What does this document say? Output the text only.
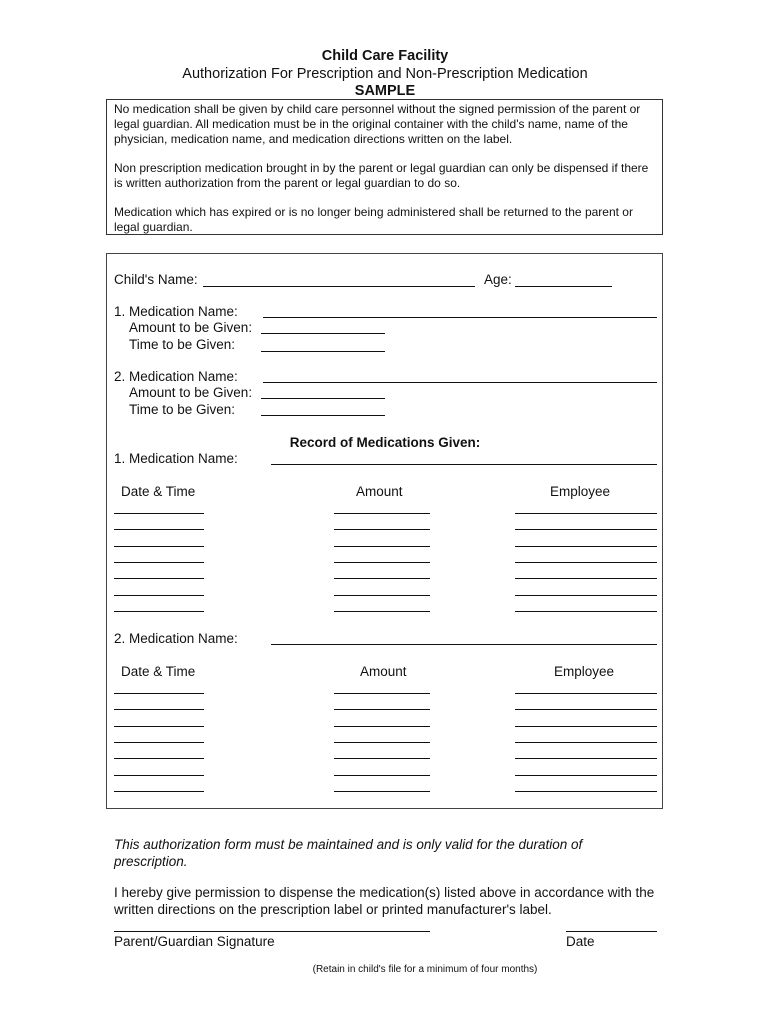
Child Care Facility
Authorization For Prescription and Non-Prescription Medication
SAMPLE

No medication shall be given by child care personnel without the signed permission of the parent or legal guardian. All medication must be in the original container with the child's name, name of the physician, medication name, and medication directions written on the label.

Non prescription medication brought in by the parent or legal guardian can only be dispensed if there is written authorization from the parent or legal guardian to do so.

Medication which has expired or is no longer being administered shall be returned to the parent or legal guardian.

Child's Name:	Age:
1. Medication Name:
Amount to be Given:
Time to be Given:
2. Medication Name:
Amount to be Given:
Time to be Given:
Record of Medications Given:
1. Medication Name:
Date & Time	Amount	Employee
2. Medication Name:
Date & Time	Amount	Employee
This authorization form must be maintained and is only valid for the duration of prescription.
I hereby give permission to dispense the medication(s) listed above in accordance with the written directions on the prescription label or printed manufacturer's label.
Parent/Guardian Signature	Date
(Retain in child's file for a minimum of four months)
